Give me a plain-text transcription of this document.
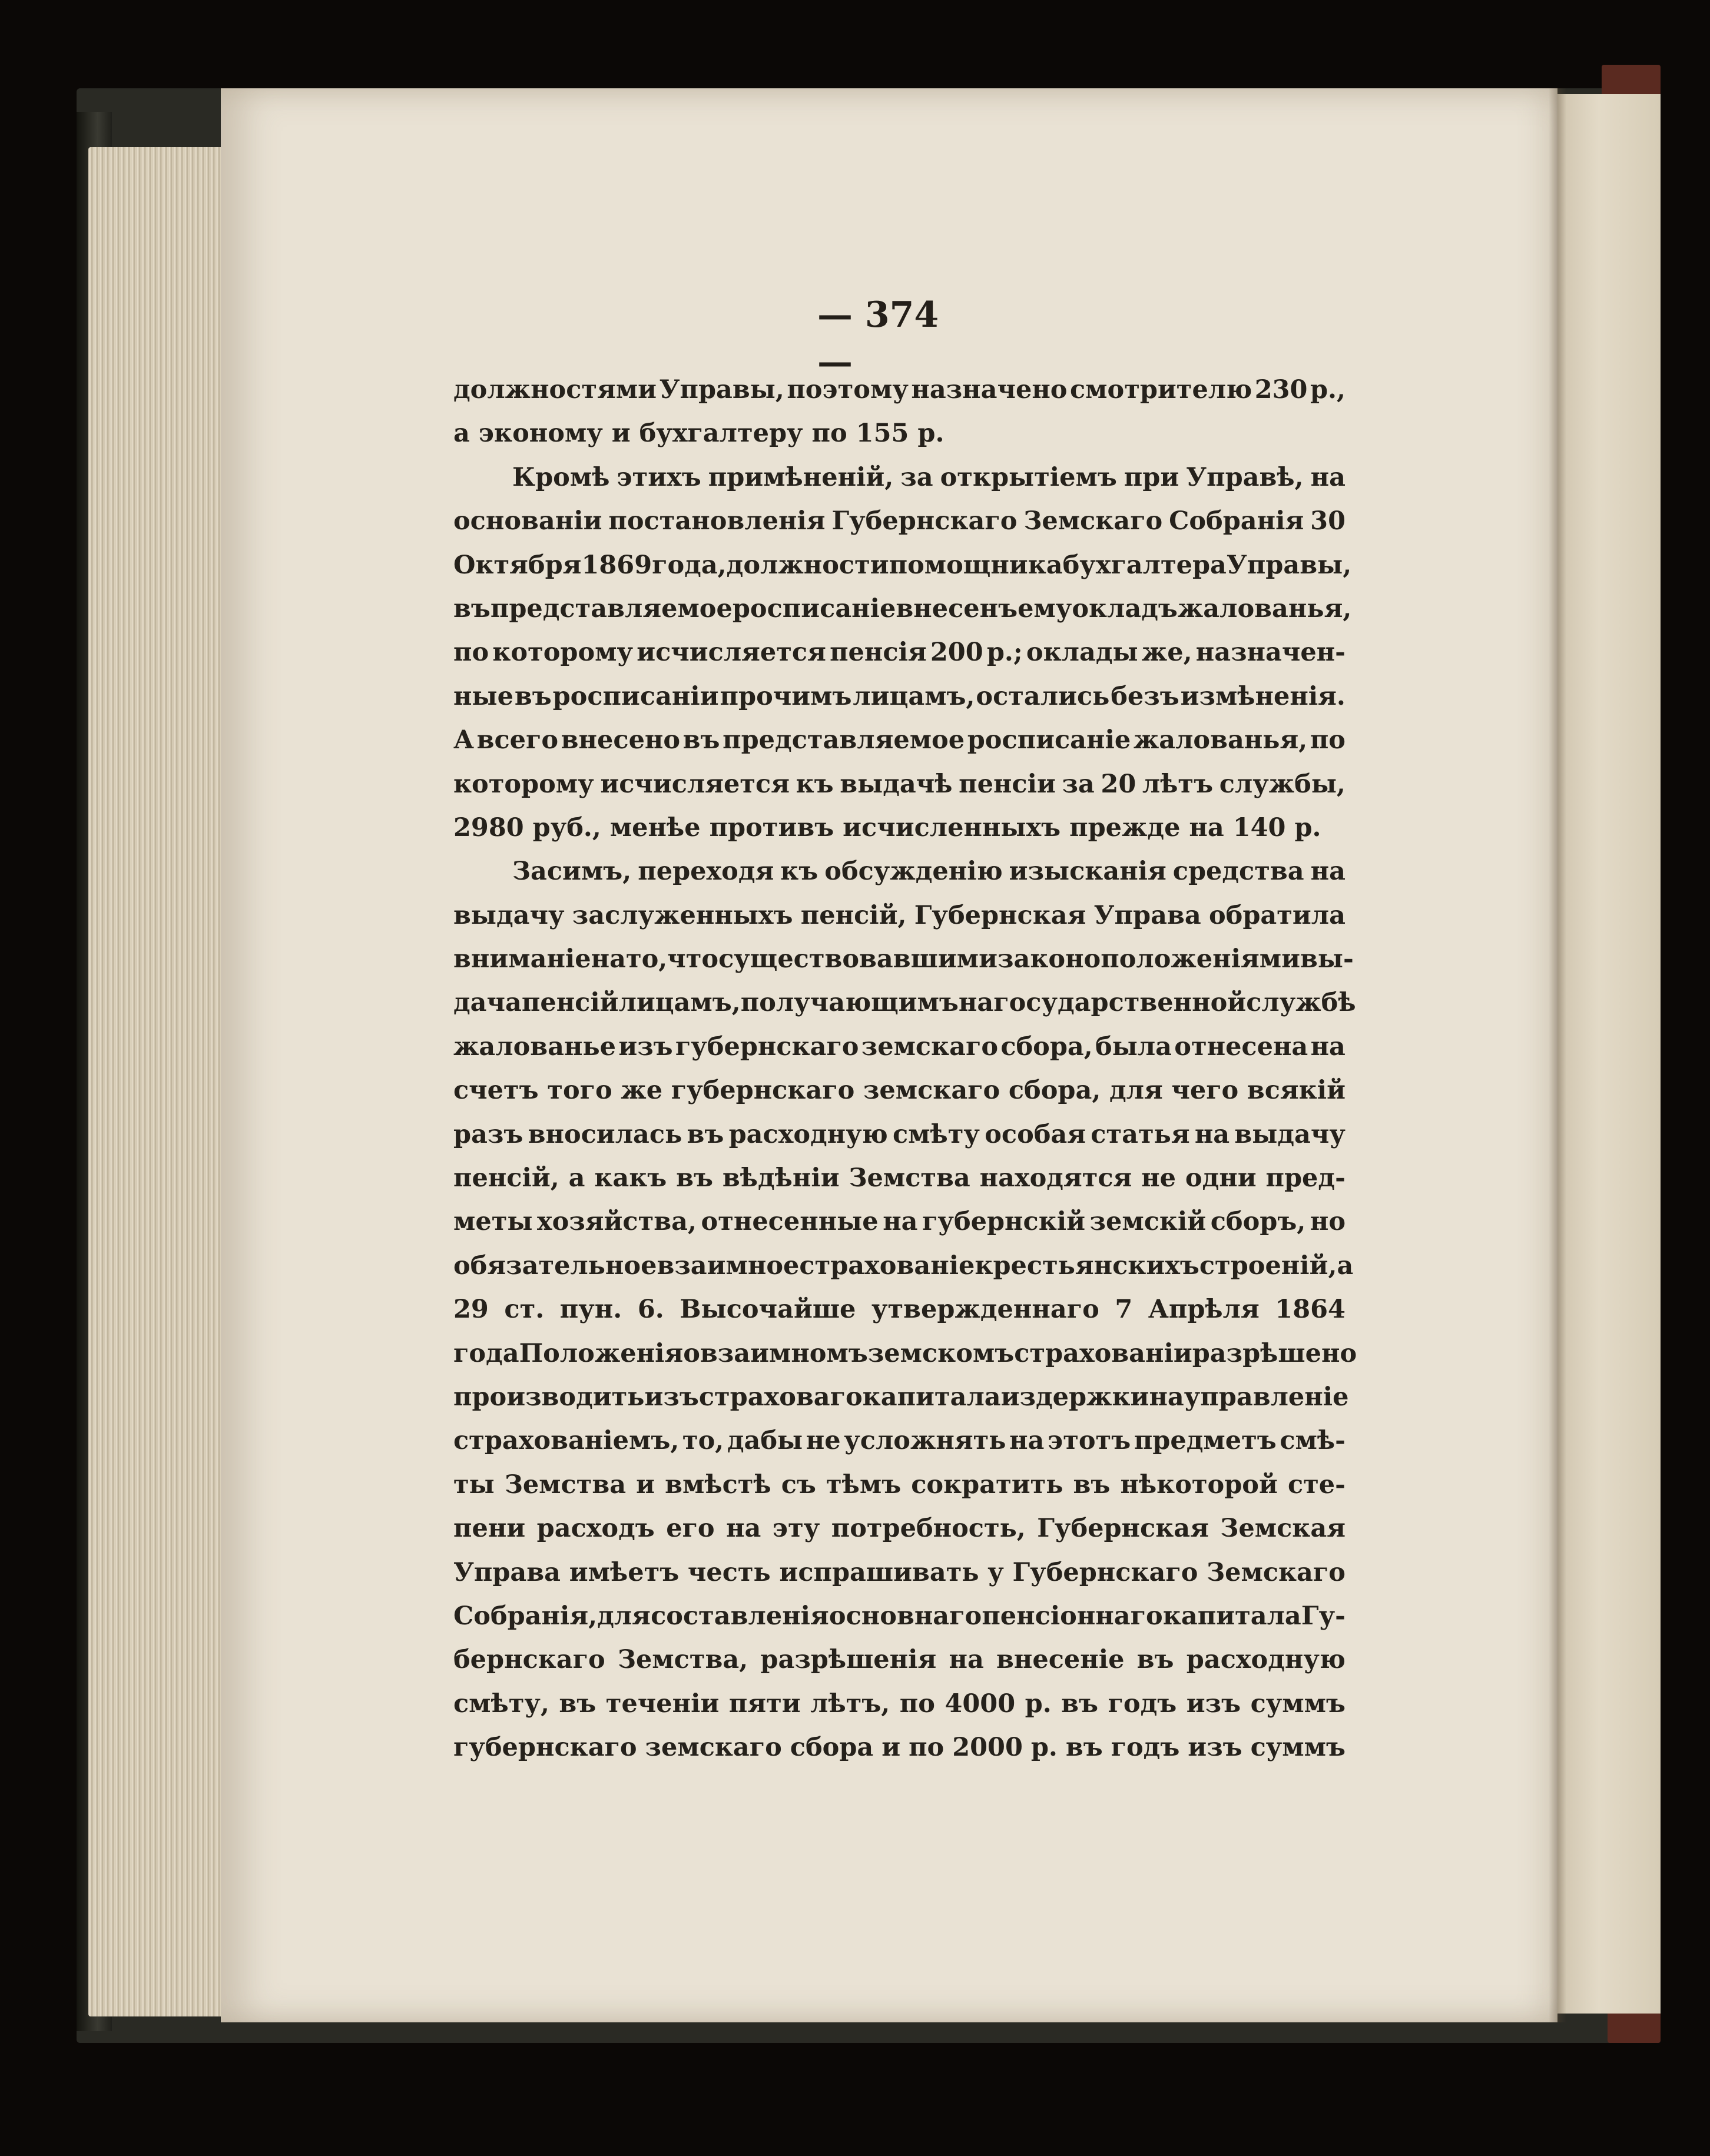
— 374 —
должностями Управы, поэтому назначено смотрителю 230 р.,
а эконому и бухгалтеру по 155 р.
Кромѣ этихъ примѣненій, за открытіемъ при Управѣ, на
основаніи постановленія Губернскаго Земскаго Собранія 30
Октября 1869 года, должности помощника бухгалтера Управы,
въ представляемое росписаніе внесенъ ему окладъ жалованья,
по которому исчисляется пенсія 200 р.; оклады же, назначен-
ные въ росписаніи прочимъ лицамъ, остались безъ измѣненія.
А всего внесено въ представляемое росписаніе жалованья, по
которому исчисляется къ выдачѣ пенсіи за 20 лѣтъ службы,
2980 руб., менѣе противъ исчисленныхъ прежде на 140 р.
Засимъ, переходя къ обсужденію изысканія средства на
выдачу заслуженныхъ пенсій, Губернская Управа обратила
вниманіе на то, что существовавшими законоположеніями вы-
дача пенсій лицамъ, получающимъ на государственной службѣ
жалованье изъ губернскаго земскаго сбора, была отнесена на
счетъ того же губернскаго земскаго сбора, для чего всякій
разъ вносилась въ расходную смѣту особая статья на выдачу
пенсій, а какъ въ вѣдѣніи Земства находятся не одни пред-
меты хозяйства, отнесенные на губернскій земскій сборъ, но
обязательное взаимное страхованіе крестьянскихъ строеній, а
29 ст. пун. 6. Высочайше утвержденнаго 7 Апрѣля 1864
года Положенія о взаимномъ земскомъ страхованіи разрѣшено
производить изъ страховаго капитала издержки на управленіе
страхованіемъ, то, дабы не усложнять на этотъ предметъ смѣ-
ты Земства и вмѣстѣ съ тѣмъ сократить въ нѣкоторой сте-
пени расходъ его на эту потребность, Губернская Земская
Управа имѣетъ честь испрашивать у Губернскаго Земскаго
Собранія, для составленія основнаго пенсіоннаго капитала Гу-
бернскаго Земства, разрѣшенія на внесеніе въ расходную
смѣту, въ теченіи пяти лѣтъ, по 4000 р. въ годъ изъ суммъ
губернскаго земскаго сбора и по 2000 р. въ годъ изъ суммъ
